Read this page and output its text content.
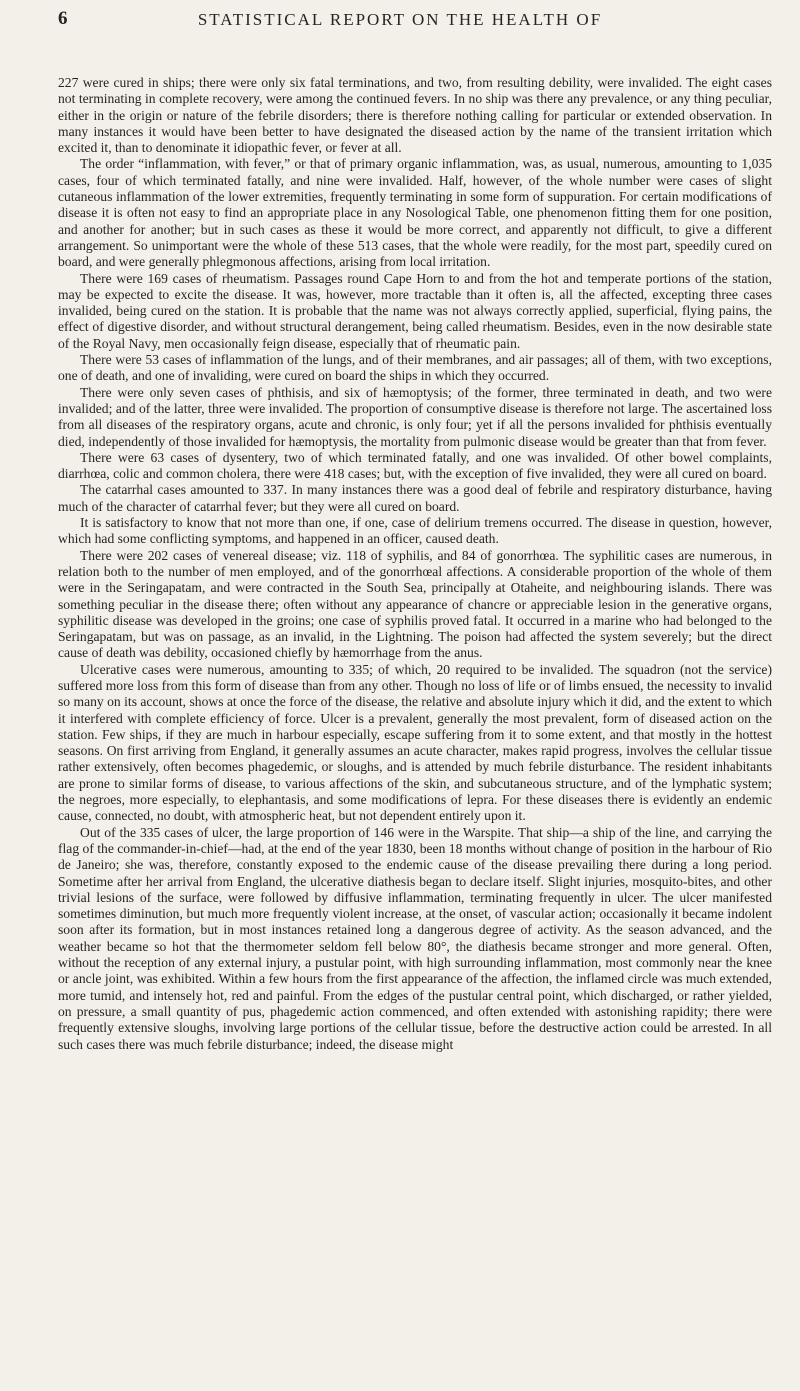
6	STATISTICAL REPORT ON THE HEALTH OF

227 were cured in ships; there were only six fatal terminations, and two, from resulting debility, were invalided. The eight cases not terminating in complete recovery, were among the continued fevers. In no ship was there any prevalence, or any thing peculiar, either in the origin or nature of the febrile disorders; there is therefore nothing calling for particular or extended observation. In many instances it would have been better to have designated the diseased action by the name of the transient irritation which excited it, than to denominate it idiopathic fever, or fever at all.

The order “inflammation, with fever,” or that of primary organic inflammation, was, as usual, numerous, amounting to 1,035 cases, four of which terminated fatally, and nine were invalided. Half, however, of the whole number were cases of slight cutaneous inflammation of the lower extremities, frequently terminating in some form of suppuration. For certain modifications of disease it is often not easy to find an appropriate place in any Nosological Table, one phenomenon fitting them for one position, and another for another; but in such cases as these it would be more correct, and apparently not difficult, to give a different arrangement. So unimportant were the whole of these 513 cases, that the whole were readily, for the most part, speedily cured on board, and were generally phlegmonous affections, arising from local irritation.

There were 169 cases of rheumatism. Passages round Cape Horn to and from the hot and temperate portions of the station, may be expected to excite the disease. It was, however, more tractable than it often is, all the affected, excepting three cases invalided, being cured on the station. It is probable that the name was not always correctly applied, superficial, flying pains, the effect of digestive disorder, and without structural derangement, being called rheumatism. Besides, even in the now desirable state of the Royal Navy, men occasionally feign disease, especially that of rheumatic pain.

There were 53 cases of inflammation of the lungs, and of their membranes, and air passages; all of them, with two exceptions, one of death, and one of invaliding, were cured on board the ships in which they occurred.

There were only seven cases of phthisis, and six of hæmoptysis; of the former, three terminated in death, and two were invalided; and of the latter, three were invalided. The proportion of consumptive disease is therefore not large. The ascertained loss from all diseases of the respiratory organs, acute and chronic, is only four; yet if all the persons invalided for phthisis eventually died, independently of those invalided for hæmoptysis, the mortality from pulmonic disease would be greater than that from fever.

There were 63 cases of dysentery, two of which terminated fatally, and one was invalided. Of other bowel complaints, diarrhœa, colic and common cholera, there were 418 cases; but, with the exception of five invalided, they were all cured on board.

The catarrhal cases amounted to 337. In many instances there was a good deal of febrile and respiratory disturbance, having much of the character of catarrhal fever; but they were all cured on board.

It is satisfactory to know that not more than one, if one, case of delirium tremens occurred. The disease in question, however, which had some conflicting symptoms, and happened in an officer, caused death.

There were 202 cases of venereal disease; viz. 118 of syphilis, and 84 of gonorrhœa. The syphilitic cases are numerous, in relation both to the number of men employed, and of the gonorrhœal affections. A considerable proportion of the whole of them were in the Seringapatam, and were contracted in the South Sea, principally at Otaheite, and neighbouring islands. There was something peculiar in the disease there; often without any appearance of chancre or appreciable lesion in the generative organs, syphilitic disease was developed in the groins; one case of syphilis proved fatal. It occurred in a marine who had belonged to the Seringapatam, but was on passage, as an invalid, in the Lightning. The poison had affected the system severely; but the direct cause of death was debility, occasioned chiefly by hæmorrhage from the anus.

Ulcerative cases were numerous, amounting to 335; of which, 20 required to be invalided. The squadron (not the service) suffered more loss from this form of disease than from any other. Though no loss of life or of limbs ensued, the necessity to invalid so many on its account, shows at once the force of the disease, the relative and absolute injury which it did, and the extent to which it interfered with complete efficiency of force. Ulcer is a prevalent, generally the most prevalent, form of diseased action on the station. Few ships, if they are much in harbour especially, escape suffering from it to some extent, and that mostly in the hottest seasons. On first arriving from England, it generally assumes an acute character, makes rapid progress, involves the cellular tissue rather extensively, often becomes phagedemic, or sloughs, and is attended by much febrile disturbance. The resident inhabitants are prone to similar forms of disease, to various affections of the skin, and subcutaneous structure, and of the lymphatic system; the negroes, more especially, to elephantasis, and some modifications of lepra. For these diseases there is evidently an endemic cause, connected, no doubt, with atmospheric heat, but not dependent entirely upon it.

Out of the 335 cases of ulcer, the large proportion of 146 were in the Warspite. That ship—a ship of the line, and carrying the flag of the commander-in-chief—had, at the end of the year 1830, been 18 months without change of position in the harbour of Rio de Janeiro; she was, therefore, constantly exposed to the endemic cause of the disease prevailing there during a long period. Sometime after her arrival from England, the ulcerative diathesis began to declare itself. Slight injuries, mosquito-bites, and other trivial lesions of the surface, were followed by diffusive inflammation, terminating frequently in ulcer. The ulcer manifested sometimes diminution, but much more frequently violent increase, at the onset, of vascular action; occasionally it became indolent soon after its formation, but in most instances retained long a dangerous degree of activity. As the season advanced, and the weather became so hot that the thermometer seldom fell below 80°, the diathesis became stronger and more general. Often, without the reception of any external injury, a pustular point, with high surrounding inflammation, most commonly near the knee or ancle joint, was exhibited. Within a few hours from the first appearance of the affection, the inflamed circle was much extended, more tumid, and intensely hot, red and painful. From the edges of the pustular central point, which discharged, or rather yielded, on pressure, a small quantity of pus, phagedemic action commenced, and often extended with astonishing rapidity; there were frequently extensive sloughs, involving large portions of the cellular tissue, before the destructive action could be arrested. In all such cases there was much febrile disturbance; indeed, the disease might
